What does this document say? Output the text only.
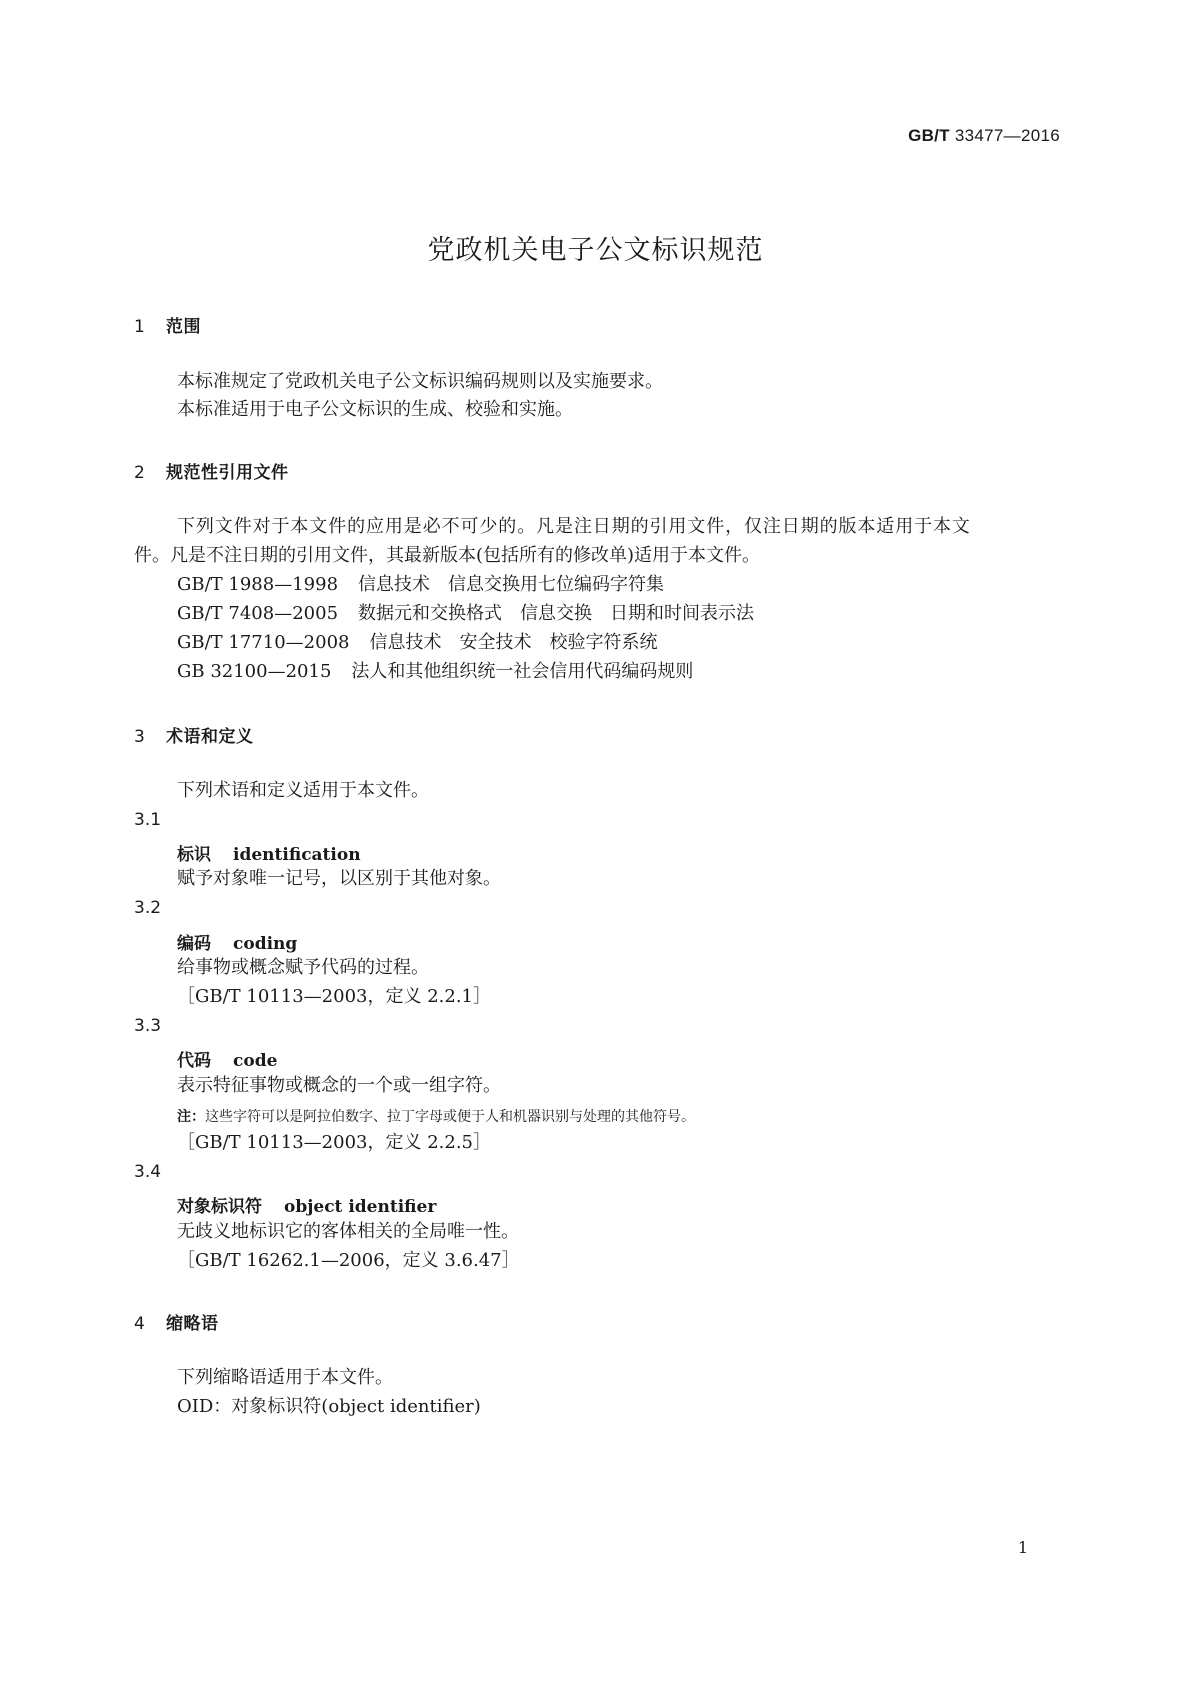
GB/T 33477—2016
党政机关电子公文标识规范
1 范围
本标准规定了党政机关电子公文标识编码规则以及实施要求。
本标准适用于电子公文标识的生成、校验和实施。
2 规范性引用文件
下列文件对于本文件的应用是必不可少的。凡是注日期的引用文件，仅注日期的版本适用于本文
件。凡是不注日期的引用文件，其最新版本(包括所有的修改单)适用于本文件。
GB/T 1988—1998 信息技术　信息交换用七位编码字符集
GB/T 7408—2005 数据元和交换格式　信息交换　日期和时间表示法
GB/T 17710—2008 信息技术　安全技术　校验字符系统
GB 32100—2015 法人和其他组织统一社会信用代码编码规则
3 术语和定义
下列术语和定义适用于本文件。
3.1
标识 identification
赋予对象唯一记号，以区别于其他对象。
3.2
编码 coding
给事物或概念赋予代码的过程。
［GB/T 10113—2003，定义 2.2.1］
3.3
代码 code
表示特征事物或概念的一个或一组字符。
注：这些字符可以是阿拉伯数字、拉丁字母或便于人和机器识别与处理的其他符号。
［GB/T 10113—2003，定义 2.2.5］
3.4
对象标识符 object identifier
无歧义地标识它的客体相关的全局唯一性。
［GB/T 16262.1—2006，定义 3.6.47］
4 缩略语
下列缩略语适用于本文件。
OID：对象标识符(object identifier)
1
